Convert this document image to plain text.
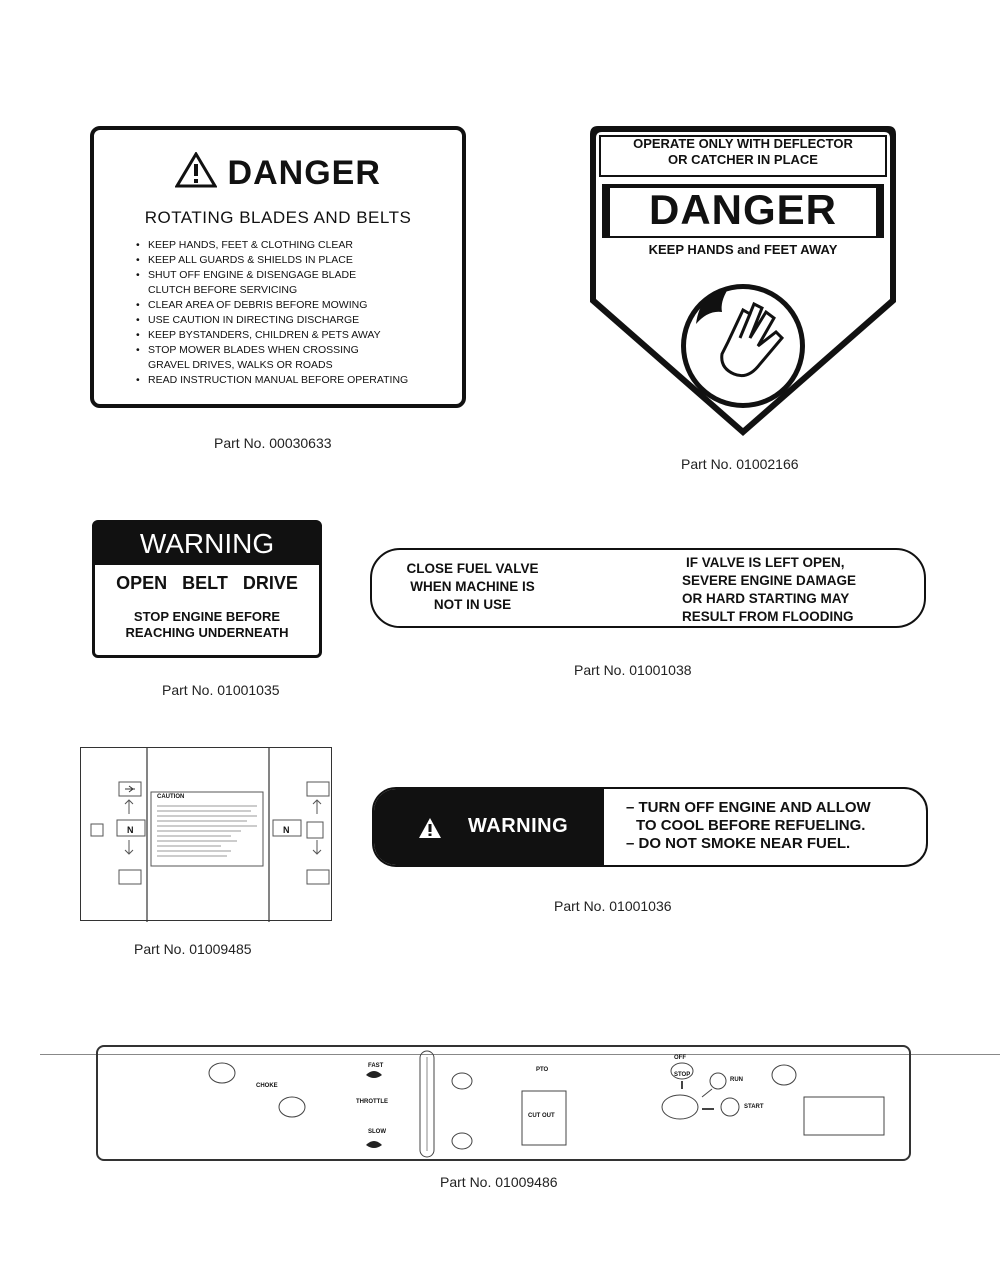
DANGER
ROTATING BLADES AND BELTS
• KEEP HANDS, FEET & CLOTHING CLEAR
• KEEP ALL GUARDS & SHIELDS IN PLACE
• SHUT OFF ENGINE & DISENGAGE BLADE
CLUTCH BEFORE SERVICING
• CLEAR AREA OF DEBRIS BEFORE MOWING
• USE CAUTION IN DIRECTING DISCHARGE
• KEEP BYSTANDERS, CHILDREN & PETS AWAY
• STOP MOWER BLADES WHEN CROSSING
GRAVEL DRIVES, WALKS OR ROADS
• READ INSTRUCTION MANUAL BEFORE OPERATING
Part No. 00030633
OPERATE ONLY WITH DEFLECTOR
OR CATCHER IN PLACE
DANGER
KEEP HANDS and FEET AWAY
Part No. 01002166
WARNING
OPEN BELT DRIVE
STOP ENGINE BEFORE
REACHING UNDERNEATH
Part No. 01001035
CLOSE FUEL VALVE
WHEN MACHINE IS
NOT IN USE
IF VALVE IS LEFT OPEN,
SEVERE ENGINE DAMAGE
OR HARD STARTING MAY
RESULT FROM FLOODING
Part No. 01001038
CAUTION
N	N
Part No. 01009485
WARNING
– TURN OFF ENGINE AND ALLOW
TO COOL BEFORE REFUELING.
– DO NOT SMOKE NEAR FUEL.
Part No. 01001036
CHOKE
FAST
THROTTLE
SLOW
PTO
OFF
STOP
RUN
START
CUT OUT
Part No. 01009486
